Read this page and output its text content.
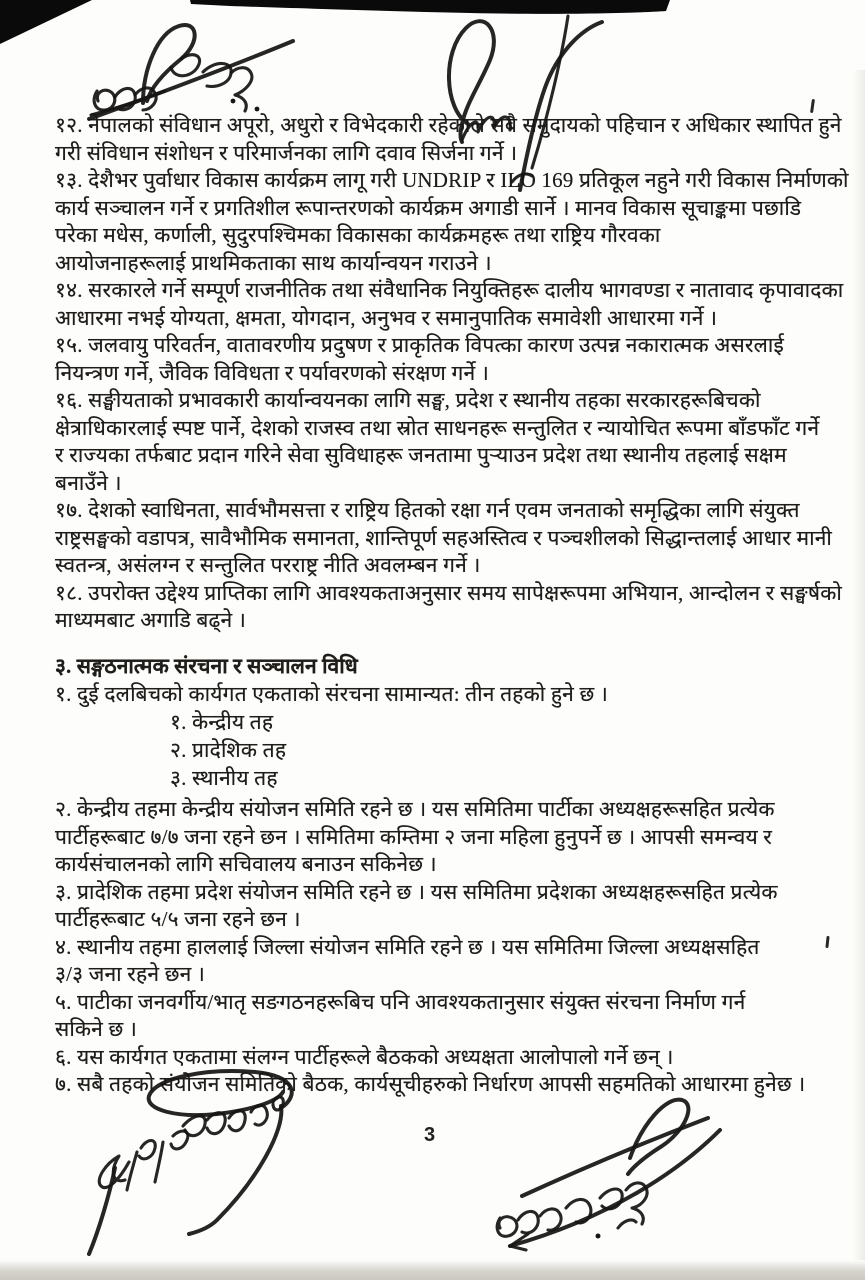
१२. नेपालको संविधान अपूरो, अधुरो र विभेदकारी रहेकाले सबै समुदायको पहिचान र अधिकार स्थापित हुने
गरी संविधान संशोधन र परिमार्जनका लागि दवाव सिर्जना गर्ने ।
१३. देशैभर पुर्वाधार विकास कार्यक्रम लागू गरी UNDRIP र ILO 169 प्रतिकूल नहुने गरी विकास निर्माणको
कार्य सञ्चालन गर्ने र प्रगतिशील रूपान्तरणको कार्यक्रम अगाडी सार्ने । मानव विकास सूचाङ्कमा पछाडि
परेका मधेस, कर्णाली, सुदुरपश्चिमका विकासका कार्यक्रमहरू तथा राष्ट्रिय गौरवका
आयोजनाहरूलाई प्राथमिकताका साथ कार्यान्वयन गराउने ।
१४. सरकारले गर्ने सम्पूर्ण राजनीतिक तथा संवैधानिक नियुक्तिहरू दालीय भागवण्डा र नातावाद कृपावादका
आधारमा नभई योग्यता, क्षमता, योगदान, अनुभव र समानुपातिक समावेशी आधारमा गर्ने ।
१५. जलवायु परिवर्तन, वातावरणीय प्रदुषण र प्राकृतिक विपत्का कारण उत्पन्न नकारात्मक असरलाई
नियन्त्रण गर्ने, जैविक विविधता र पर्यावरणको संरक्षण गर्ने ।
१६. सङ्घीयताको प्रभावकारी कार्यान्वयनका लागि सङ्घ, प्रदेश र स्थानीय तहका सरकारहरूबिचको
क्षेत्राधिकारलाई स्पष्ट पार्ने, देशको राजस्व तथा स्रोत साधनहरू सन्तुलित र न्यायोचित रूपमा बाँडफाँट गर्ने
र राज्यका तर्फबाट प्रदान गरिने सेवा सुविधाहरू जनतामा पुऱ्याउन प्रदेश तथा स्थानीय तहलाई सक्षम
बनाउँने ।
१७. देशको स्वाधिनता, सार्वभौमसत्ता र राष्ट्रिय हितको रक्षा गर्न एवम जनताको समृद्धिका लागि संयुक्त
राष्ट्रसङ्घको वडापत्र, सावैभौमिक समानता, शान्तिपूर्ण सहअस्तित्व र पञ्चशीलको सिद्धान्तलाई आधार मानी
स्वतन्त्र, असंलग्न र सन्तुलित परराष्ट्र नीति अवलम्बन गर्ने ।
१८. उपरोक्त उद्देश्य प्राप्तिका लागि आवश्यकताअनुसार समय सापेक्षरूपमा अभियान, आन्दोलन र सङ्घर्षको
माध्यमबाट अगाडि बढ्ने ।
३. सङ्गठनात्मक संरचना र सञ्चालन विधि
१. दुई दलबिचको कार्यगत एकताको संरचना सामान्यत: तीन तहको हुने छ ।
१. केन्द्रीय तह
२. प्रादेशिक तह
३. स्थानीय तह
२. केन्द्रीय तहमा केन्द्रीय संयोजन समिति रहने छ । यस समितिमा पार्टीका अध्यक्षहरूसहित प्रत्येक
पार्टीहरूबाट ७/७ जना रहने छन । समितिमा कम्तिमा २ जना महिला हुनुपर्ने छ । आपसी समन्वय र
कार्यसंचालनको लागि सचिवालय बनाउन सकिनेछ ।
३. प्रादेशिक तहमा प्रदेश संयोजन समिति रहने छ । यस समितिमा प्रदेशका अध्यक्षहरूसहित प्रत्येक
पार्टीहरूबाट ५/५ जना रहने छन ।
४. स्थानीय तहमा हाललाई जिल्ला संयोजन समिति रहने छ । यस समितिमा जिल्ला अध्यक्षसहित
३/३ जना रहने छन ।
५. पाटीका जनवर्गीय/भातृ सङगठनहरूबिच पनि आवश्यकतानुसार संयुक्त संरचना निर्माण गर्न
सकिने छ ।
६. यस कार्यगत एकतामा संलग्न पार्टीहरूले बैठकको अध्यक्षता आलोपालो गर्ने छन् ।
७. सबै तहको संयोजन समितिको बैठक, कार्यसूचीहरुको निर्धारण आपसी सहमतिको आधारमा हुनेछ ।
3
